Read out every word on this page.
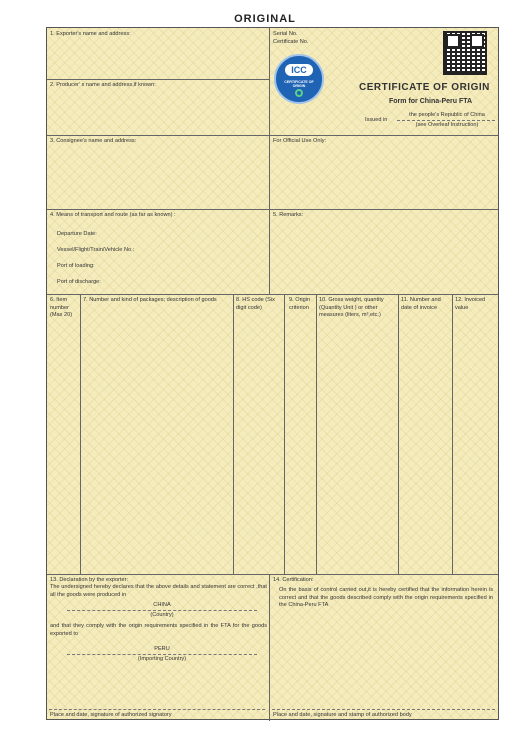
ORIGINAL
1. Exporter's name and address:
2. Producer' s name and address,if known:
Serial No.
Certificate No.
ICC
CERTIFICATE OF ORIGIN	CERTIFICATE OF ORIGIN
Form for China-Peru FTA
the people's Republic of China
Issued in
(see Overleaf Instruction)
3. Consignee's name and address:	For Official Use Only:
4. Means of transport and route (as far as known) :
Departure Date:
Vessel/Flight/Train/Vehicle No.:
Port of loading:
Port of discharge:
5. Remarks:
6. Item number (Max 20)
7. Number and kind of packages; description of goods	8. HS code (Six digit code)
9. Origin criterion
10. Gross weight, quantity (Quantity Unit ) or other measures (liters, m³,etc.)
11. Number and date of invoice
12. Invoiced value
13. Declaration by the exporter:
The undersigned hereby declares that the above details and statement are correct ,that all the goods were produced in
CHINA
(Country)
and that they comply with the origin requirements specified in the FTA for the goods exported to
PERU
(Importing Country)
Place and date, signature of authorized signatory
14. Certification:
On the basis of control carried out,it is hereby certified that the information herein is correct and that the goods described comply with the origin requirements specified in the China-Peru FTA
Place and date, signature and stamp of authorized body
